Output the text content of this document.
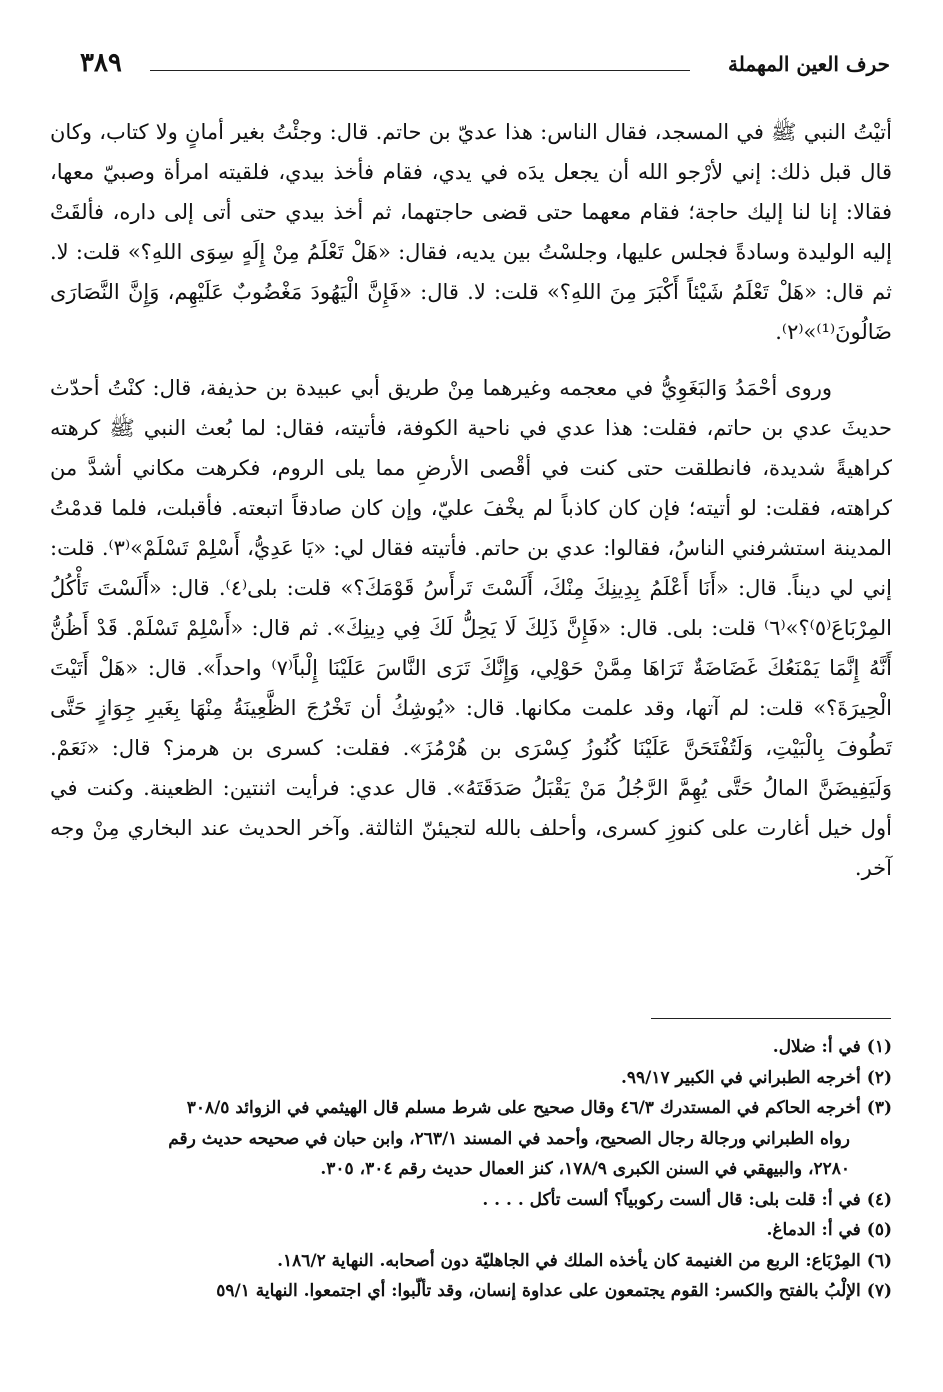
حرف العين المهملة
٣٨٩

أتيْتُ النبي ﷺ في المسجد، فقال الناس: هذا عديّ بن حاتم. قال: وجئْتُ بغير أمانٍ ولا كتاب، وكان قال قبل ذلك: إني لأرْجو الله أن يجعل يدَه في يدي، فقام فأخذ بيدي، فلقيته امرأة وصبيّ معها، فقالا: إنا لنا إليك حاجة؛ فقام معهما حتى قضى حاجتهما، ثم أخذ بيدي حتى أتى إلى داره، فألقَتْ إليه الوليدة وسادةً فجلس عليها، وجلسْتُ بين يديه، فقال: «هَلْ تَعْلَمُ مِنْ إِلَهٍ سِوَى اللهِ؟» قلت: لا. ثم قال: «هَلْ تَعْلَمُ شَيْئاً أَكْبَرَ مِنَ اللهِ؟» قلت: لا. قال: «فَإِنَّ الْيَهُودَ مَغْضُوبٌ عَلَيْهِم، وَإِنَّ النَّصَارَى ضَالُونَ⁽¹⁾»⁽٢⁾.

وروى أحْمَدُ وَالبَغَوِيُّ في معجمه وغيرهما مِنْ طريق أبي عبيدة بن حذيفة، قال: كنْتُ أحدّث حديثَ عدي بن حاتم، فقلت: هذا عدي في ناحية الكوفة، فأتيته، فقال: لما بُعث النبي ﷺ كرهته كراهيةً شديدة، فانطلقت حتى كنت في أقْصى الأرضِ مما يلى الروم، فكرهت مكاني أشدَّ من كراهته، فقلت: لو أتيته؛ فإن كان كاذباً لم يخْفَ عليّ، وإن كان صادقاً اتبعته. فأقبلت، فلما قدمْتُ المدينة استشرفني الناسُ، فقالوا: عدي بن حاتم. فأتيته فقال لي: «يَا عَدِيُّ، أَسْلِمْ تَسْلَمْ»⁽٣⁾. قلت: إني لي ديناً. قال: «أَنَا أَعْلَمُ بِدِينِكَ مِنْكَ، أَلَسْتَ تَرأَسُ قَوْمَكَ؟» قلت: بلى⁽٤⁾. قال: «أَلَسْتَ تَأْكُلُ المِرْبَاعَ⁽٥⁾؟»⁽٦⁾ قلت: بلى. قال: «فَإِنَّ ذَلِكَ لَا يَحِلُّ لَكَ فِي دِينِكَ». ثم قال: «أَسْلِمْ تَسْلَمْ. قَدْ أَظُنُّ أَنَّهُ إِنَّمَا يَمْنَعُكَ غَضَاضَةٌ تَرَاهَا مِمَّنْ حَوْلِي، وَإِنَّكَ تَرَى النَّاسَ عَلَيْنَا إِلْباً⁽٧⁾ واحداً». قال: «هَلْ أَتَيْتَ الْحِيرَةَ؟» قلت: لم آتها، وقد علمت مكانها. قال: «يُوشِكُ أن تَخْرُجَ الظَّعِينَةُ مِنْهَا بِغَيرِ جِوَازٍ حَتَّى تَطُوفَ بِالْبَيْتِ، وَلَتُفْتَحَنَّ عَلَيْنَا كُنُوزُ كِسْرَى بن هُرْمُزَ». فقلت: كسرى بن هرمز؟ قال: «نَعَمْ. وَلَيَفِيضَنَّ المالُ حَتَّى يُهِمَّ الرَّجُلُ مَنْ يَقْبَلُ صَدَقَتَهُ». قال عدي: فرأيت اثنتين: الظعينة. وكنت في أول خيل أغارت على كنوزِ كسرى، وأحلف بالله لتجيئنّ الثالثة. وآخر الحديث عند البخاري مِنْ وجه آخر.

(١)في أ: ضلال.

(٢)أخرجه الطبراني في الكبير ٩٩/١٧.

(٣)أخرجه الحاكم في المستدرك ٤٦/٣ وقال صحيح على شرط مسلم قال الهيثمي في الزوائد ٣٠٨/٥

رواه الطبراني ورجالة رجال الصحيح، وأحمد في المسند ٢٦٣/١، وابن حبان في صحيحه حديث رقم

٢٢٨٠، والبيهقي في السنن الكبرى ١٧٨/٩، كنز العمال حديث رقم ٣٠٤، ٣٠٥.

(٤)في أ: قلت بلى: قال ألست ركوبياً؟ ألست تأكل . . . .

(٥)في أ: الدماغ.

(٦)المِرْبَاع: الربع من الغنيمة كان يأخذه الملك في الجاهليّة دون أصحابه. النهاية ١٨٦/٢.

(٧)الإلْبُ بالفتح والكسر: القوم يجتمعون على عداوة إنسان، وقد تألّبوا: أي اجتمعوا. النهاية ٥٩/١
